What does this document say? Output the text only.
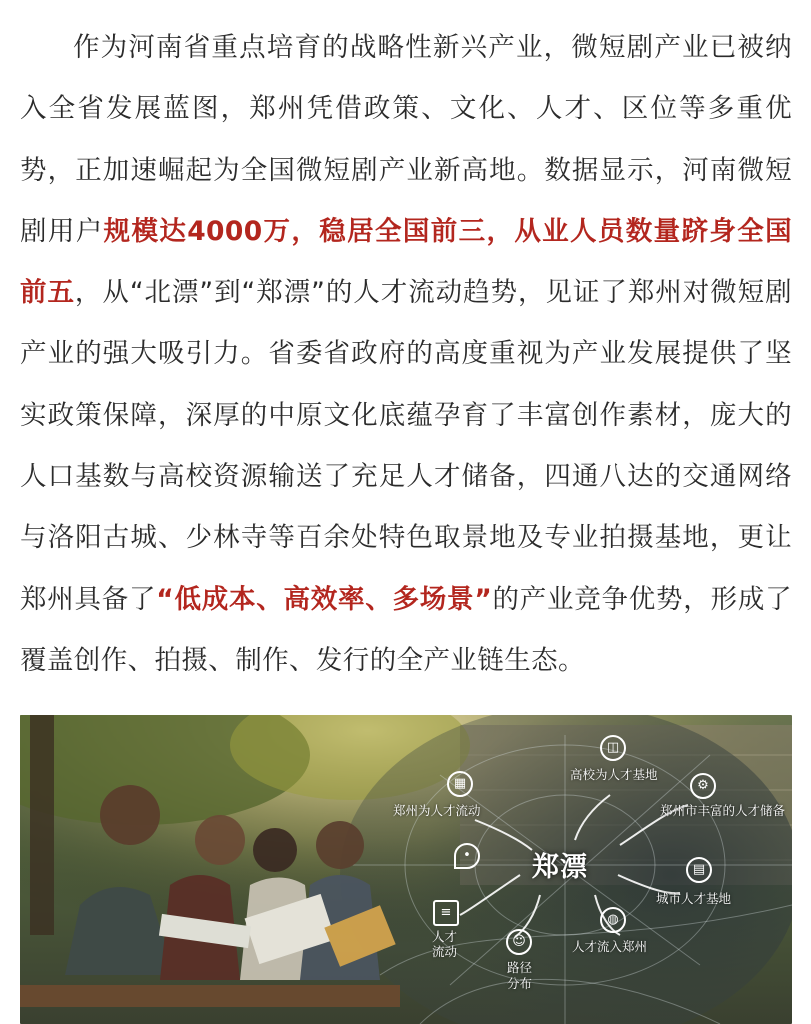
作为河南省重点培育的战略性新兴产业，微短剧产业已被纳入全省发展蓝图，郑州凭借政策、文化、人才、区位等多重优势，正加速崛起为全国微短剧产业新高地。数据显示，河南微短剧用户规模达4000万，稳居全国前三，从业人员数量跻身全国前五，从“北漂”到“郑漂”的人才流动趋势，见证了郑州对微短剧产业的强大吸引力。省委省政府的高度重视为产业发展提供了坚实政策保障，深厚的中原文化底蕴孕育了丰富创作素材，庞大的人口基数与高校资源输送了充足人才储备，四通八达的交通网络与洛阳古城、少林寺等百余处特色取景地及专业拍摄基地，更让郑州具备了“低成本、高效率、多场景”的产业竞争优势，形成了覆盖创作、拍摄、制作、发行的全产业链生态。

郑漂
▦
郑州为人才流动
◫
高校为人才基地
⚙
郑州市丰富的人才储备
▤
城市人才基地
◍
人才流入郑州
•
≡
人才
流动
☺
路径
分布
